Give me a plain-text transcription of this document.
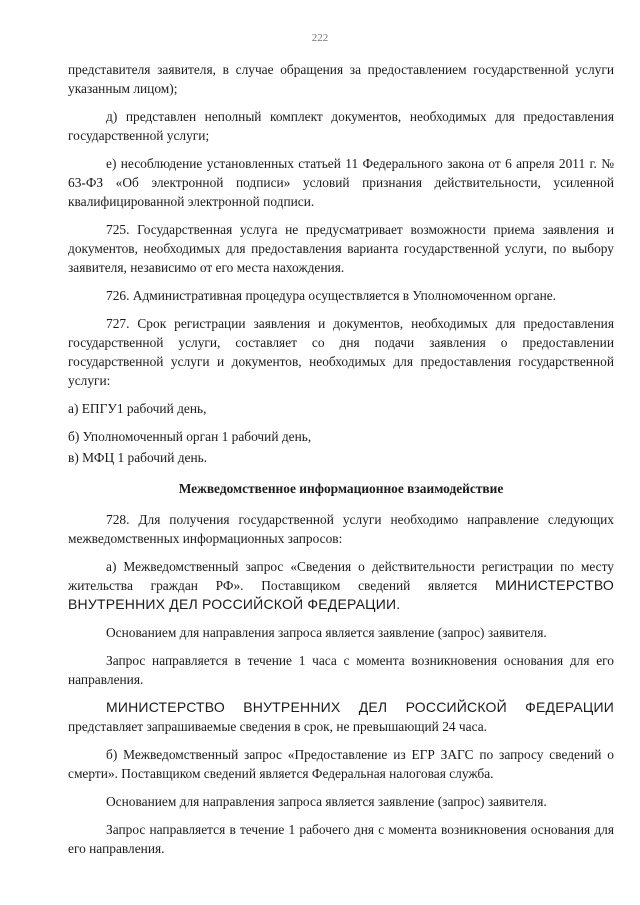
222

представителя заявителя, в случае обращения за предоставлением государственной услуги указанным лицом);

д) представлен неполный комплект документов, необходимых для предоставления государственной услуги;

е) несоблюдение установленных статьей 11 Федерального закона от 6 апреля 2011 г. № 63-ФЗ «Об электронной подписи» условий признания действительности, усиленной квалифицированной электронной подписи.

725. Государственная услуга не предусматривает возможности приема заявления и документов, необходимых для предоставления варианта государственной услуги, по выбору заявителя, независимо от его места нахождения.

726. Административная процедура осуществляется в Уполномоченном органе.

727. Срок регистрации заявления и документов, необходимых для предоставления государственной услуги, составляет со дня подачи заявления о предоставлении государственной услуги и документов, необходимых для предоставления государственной услуги:

а) ЕПГУ1 рабочий день,

б) Уполномоченный орган 1 рабочий день,

в) МФЦ 1 рабочий день.

Межведомственное информационное взаимодействие

728. Для получения государственной услуги необходимо направление следующих межведомственных информационных запросов:

а) Межведомственный запрос «Сведения о действительности регистрации по месту жительства граждан РФ». Поставщиком сведений является МИНИСТЕРСТВО ВНУТРЕННИХ ДЕЛ РОССИЙСКОЙ ФЕДЕРАЦИИ.

Основанием для направления запроса является заявление (запрос) заявителя.

Запрос направляется в течение 1 часа с момента возникновения основания для его направления.

МИНИСТЕРСТВО ВНУТРЕННИХ ДЕЛ РОССИЙСКОЙ ФЕДЕРАЦИИ представляет запрашиваемые сведения в срок, не превышающий 24 часа.

б) Межведомственный запрос «Предоставление из ЕГР ЗАГС по запросу сведений о смерти». Поставщиком сведений является Федеральная налоговая служба.

Основанием для направления запроса является заявление (запрос) заявителя.

Запрос направляется в течение 1 рабочего дня с момента возникновения основания для его направления.
